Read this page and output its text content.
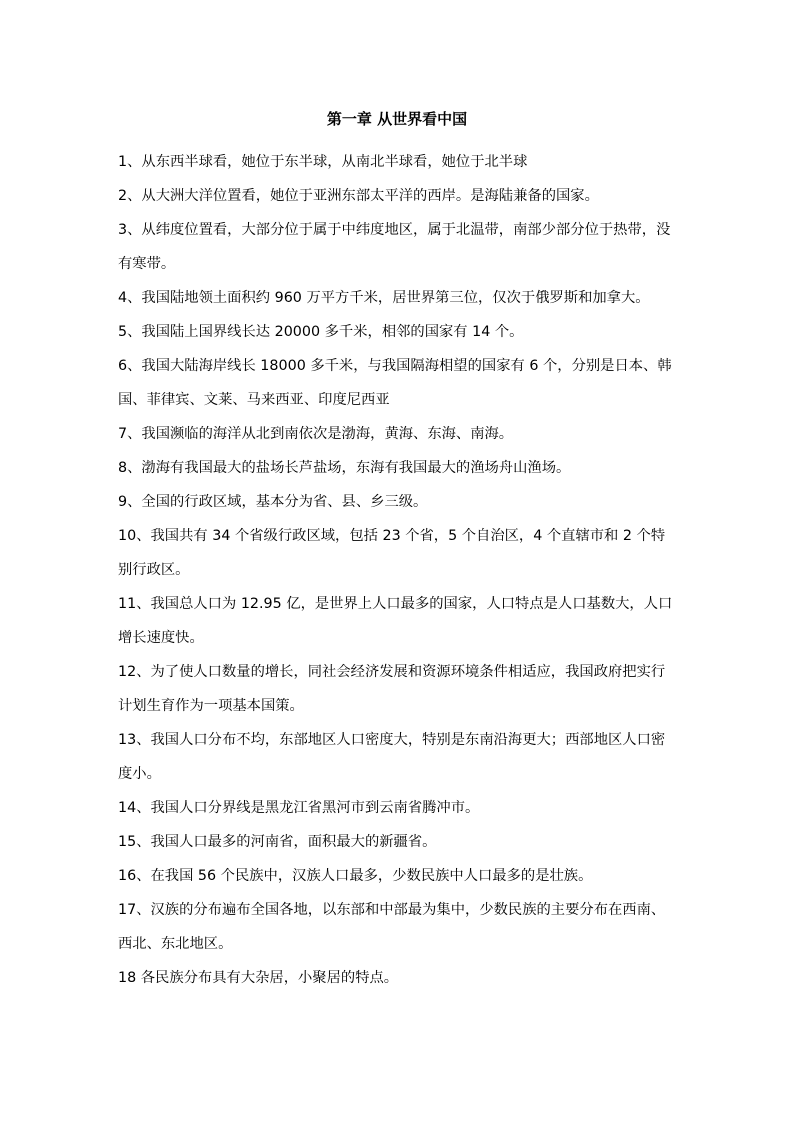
第一章 从世界看中国

1、从东西半球看，她位于东半球，从南北半球看，她位于北半球

2、从大洲大洋位置看，她位于亚洲东部太平洋的西岸。是海陆兼备的国家。

3、从纬度位置看，大部分位于属于中纬度地区，属于北温带，南部少部分位于热带，没有寒带。

4、我国陆地领土面积约 960 万平方千米，居世界第三位，仅次于俄罗斯和加拿大。

5、我国陆上国界线长达 20000 多千米，相邻的国家有 14 个。

6、我国大陆海岸线长 18000 多千米，与我国隔海相望的国家有 6 个，分别是日本、韩国、菲律宾、文莱、马来西亚、印度尼西亚

7、我国濒临的海洋从北到南依次是渤海，黄海、东海、南海。

8、渤海有我国最大的盐场长芦盐场，东海有我国最大的渔场舟山渔场。

9、全国的行政区域，基本分为省、县、乡三级。

10、我国共有 34 个省级行政区域，包括 23 个省，5 个自治区，4 个直辖市和 2 个特别行政区。

11、我国总人口为 12.95 亿，是世界上人口最多的国家，人口特点是人口基数大，人口增长速度快。

12、为了使人口数量的增长，同社会经济发展和资源环境条件相适应，我国政府把实行计划生育作为一项基本国策。

13、我国人口分布不均，东部地区人口密度大，特别是东南沿海更大；西部地区人口密度小。

14、我国人口分界线是黑龙江省黑河市到云南省腾冲市。

15、我国人口最多的河南省，面积最大的新疆省。

16、在我国 56 个民族中，汉族人口最多，少数民族中人口最多的是壮族。

17、汉族的分布遍布全国各地，以东部和中部最为集中，少数民族的主要分布在西南、西北、东北地区。

18 各民族分布具有大杂居，小聚居的特点。
